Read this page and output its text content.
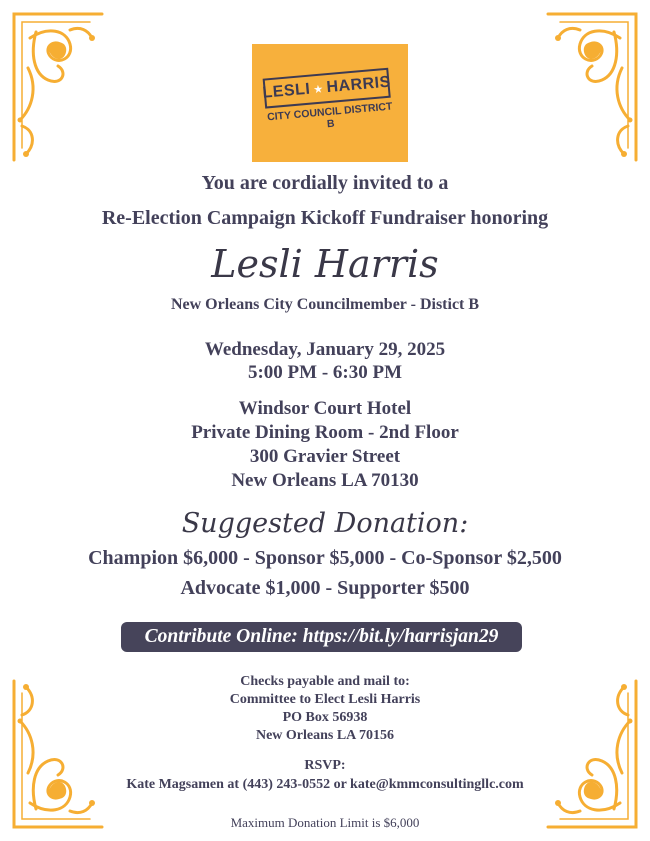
LESLI ★ HARRIS
CITY COUNCIL DISTRICT B
You are cordially invited to a
Re-Election Campaign Kickoff Fundraiser honoring
Lesli Harris
New Orleans City Councilmember - Distict B
Wednesday, January 29, 2025
5:00 PM - 6:30 PM
Windsor Court Hotel
Private Dining Room - 2nd Floor
300 Gravier Street
New Orleans LA 70130
Suggested Donation:
Champion $6,000 - Sponsor $5,000 - Co-Sponsor $2,500
Advocate $1,000 - Supporter $500
Contribute Online: https://bit.ly/harrisjan29
Checks payable and mail to:
Committee to Elect Lesli Harris
PO Box 56938
New Orleans LA 70156
RSVP:
Kate Magsamen at (443) 243-0552 or kate@kmmconsultingllc.com
Maximum Donation Limit is $6,000
